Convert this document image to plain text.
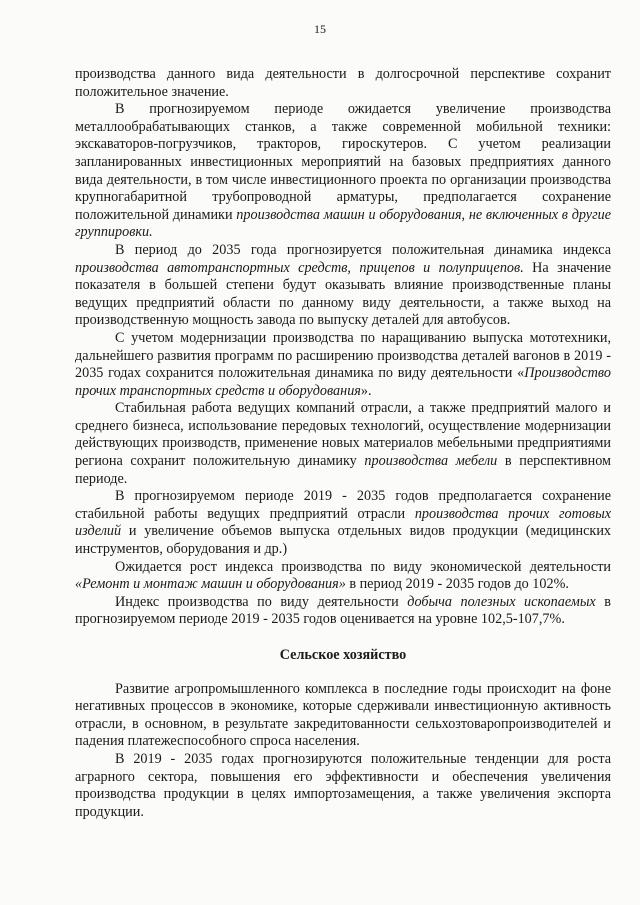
15

производства данного вида деятельности в долгосрочной перспективе сохранит положительное значение.

В прогнозируемом периоде ожидается увеличение производства металлообрабатывающих станков, а также современной мобильной техники: экскаваторов-погрузчиков, тракторов, гироскутеров. С учетом реализации запланированных инвестиционных мероприятий на базовых предприятиях данного вида деятельности, в том числе инвестиционного проекта по организации производства крупногабаритной трубопроводной арматуры, предполагается сохранение положительной динамики производства машин и оборудования, не включенных в другие группировки.

В период до 2035 года прогнозируется положительная динамика индекса производства автотранспортных средств, прицепов и полуприцепов. На значение показателя в большей степени будут оказывать влияние производственные планы ведущих предприятий области по данному виду деятельности, а также выход на производственную мощность завода по выпуску деталей для автобусов.

С учетом модернизации производства по наращиванию выпуска мототехники, дальнейшего развития программ по расширению производства деталей вагонов в 2019 - 2035 годах сохранится положительная динамика по виду деятельности «Производство прочих транспортных средств и оборудования».

Стабильная работа ведущих компаний отрасли, а также предприятий малого и среднего бизнеса, использование передовых технологий, осуществление модернизации действующих производств, применение новых материалов мебельными предприятиями региона сохранит положительную динамику производства мебели в перспективном периоде.

В прогнозируемом периоде 2019 - 2035 годов предполагается сохранение стабильной работы ведущих предприятий отрасли производства прочих готовых изделий и увеличение объемов выпуска отдельных видов продукции (медицинских инструментов, оборудования и др.)

Ожидается рост индекса производства по виду экономической деятельности «Ремонт и монтаж машин и оборудования» в период 2019 - 2035 годов до 102%.

Индекс производства по виду деятельности добыча полезных ископаемых в прогнозируемом периоде 2019 - 2035 годов оценивается на уровне 102,5-107,7%.

Сельское хозяйство

Развитие агропромышленного комплекса в последние годы происходит на фоне негативных процессов в экономике, которые сдерживали инвестиционную активность отрасли, в основном, в результате закредитованности сельхозтоваропроизводителей и падения платежеспособного спроса населения.

В 2019 - 2035 годах прогнозируются положительные тенденции для роста аграрного сектора, повышения его эффективности и обеспечения увеличения производства продукции в целях импортозамещения, а также увеличения экспорта продукции.
